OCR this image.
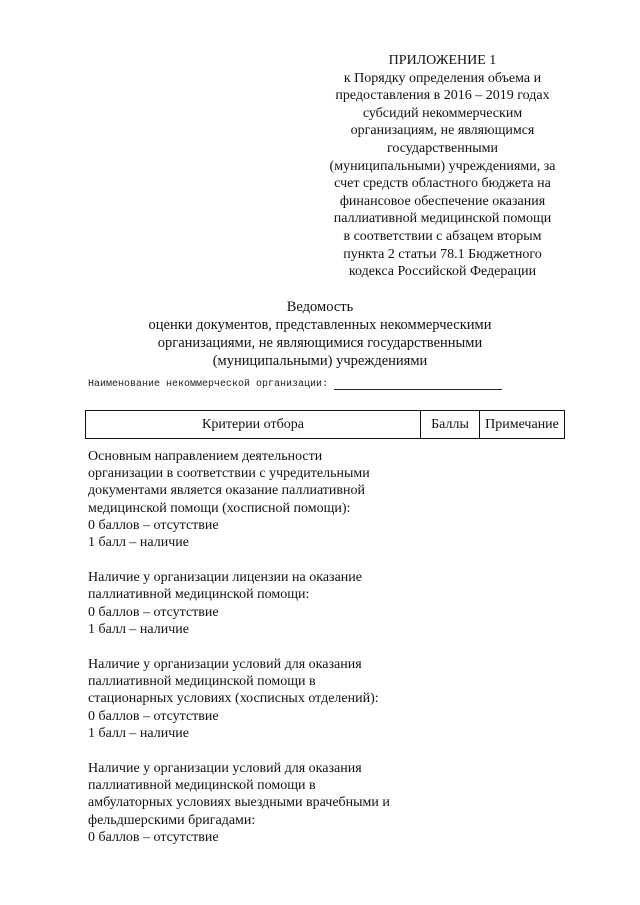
ПРИЛОЖЕНИЕ 1
к Порядку определения объема и
предоставления в 2016 – 2019 годах
субсидий некоммерческим
организациям, не являющимся
государственными
(муниципальными) учреждениями, за
счет средств областного бюджета на
финансовое обеспечение оказания
паллиативной медицинской помощи
в соответствии с абзацем вторым
пункта 2 статьи 78.1 Бюджетного
кодекса Российской Федерации
Ведомость
оценки документов, представленных некоммерческими
организациями, не являющимися государственными
(муниципальными) учреждениями
Наименование некоммерческой организации:
Критерии отбора	Баллы	Примечание
Основным направлением деятельности
организации в соответствии с учредительными
документами является оказание паллиативной
медицинской помощи (хосписной помощи):
0 баллов – отсутствие
1 балл – наличие
Наличие у организации лицензии на оказание
паллиативной медицинской помощи:
0 баллов – отсутствие
1 балл – наличие
Наличие у организации условий для оказания
паллиативной медицинской помощи в
стационарных условиях (хосписных отделений):
0 баллов – отсутствие
1 балл – наличие
Наличие у организации условий для оказания
паллиативной медицинской помощи в
амбулаторных условиях выездными врачебными и
фельдшерскими бригадами:
0 баллов – отсутствие
